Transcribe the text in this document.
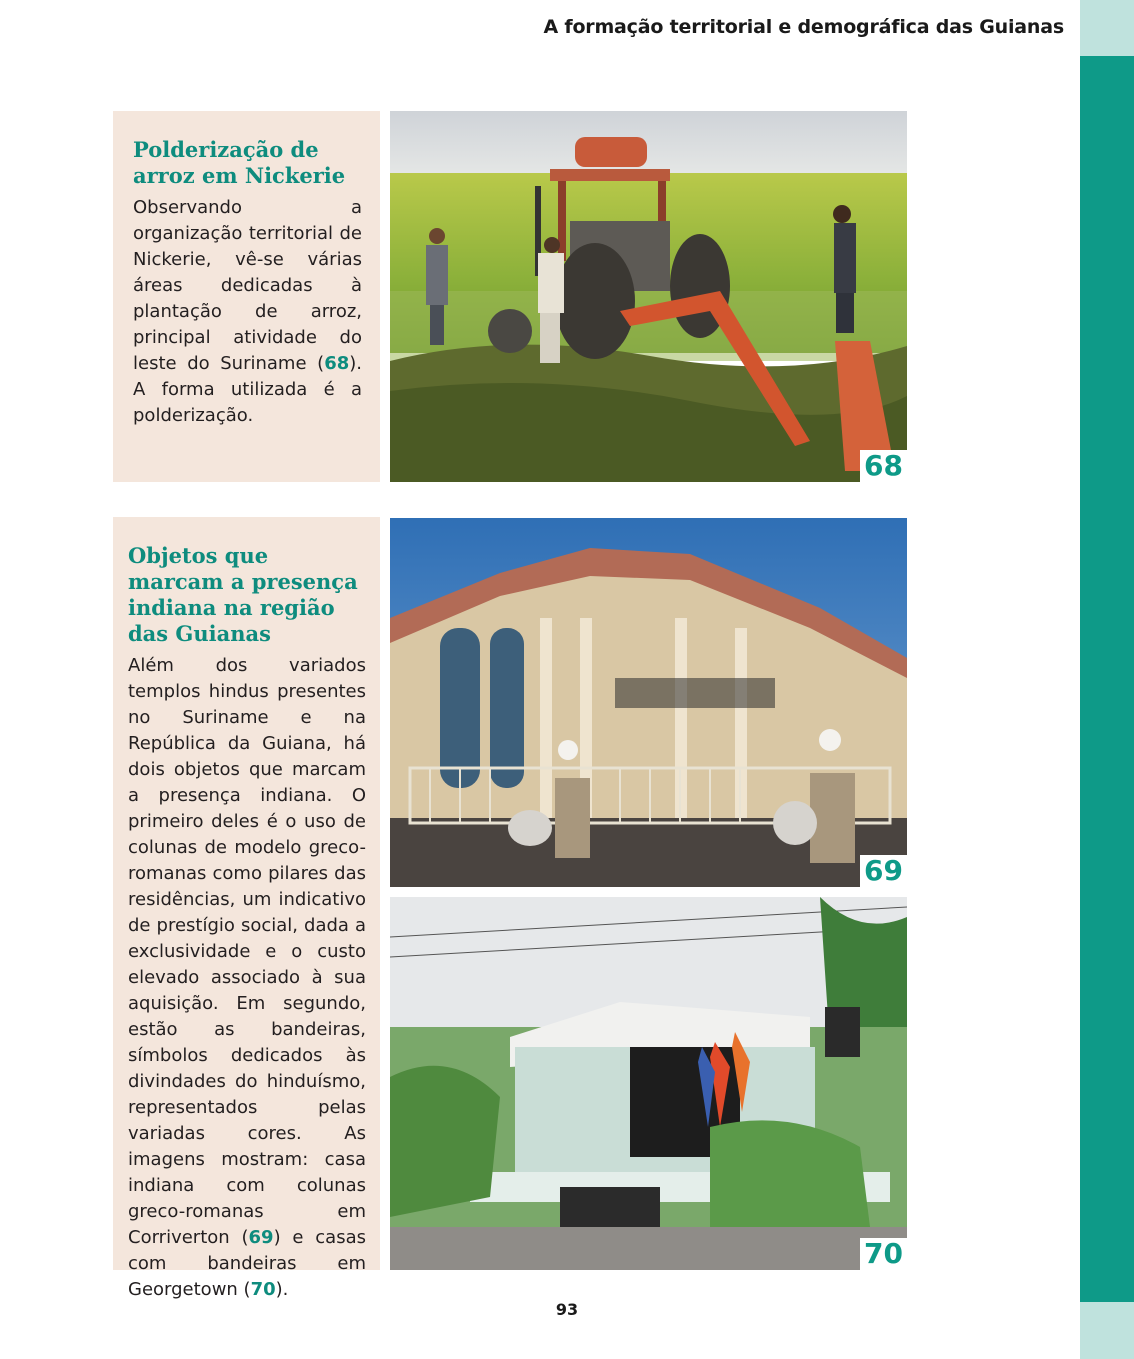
A formação territorial e demográfica das Guianas
Polderização de arroz em Nickerie

Observando a organização territorial de Nickerie, vê-se várias áreas dedicadas à plantação de arroz, principal atividade do leste do Suriname (68). A forma utilizada é a polderização.

68
Objetos que marcam a presença indiana na região das Guianas

Além dos variados templos hindus presentes no Suriname e na República da Guiana, há dois objetos que marcam a presença indiana. O primeiro deles é o uso de colunas de modelo greco-romanas como pilares das residências, um indicativo de prestígio social, dada a exclusividade e o custo elevado associado à sua aquisição. Em segundo, estão as bandeiras, símbolos dedicados às divindades do hinduísmo, representados pelas variadas cores. As imagens mostram: casa indiana com colunas greco-romanas em Corriverton (69) e casas com bandeiras em Georgetown (70).

69
70
93
